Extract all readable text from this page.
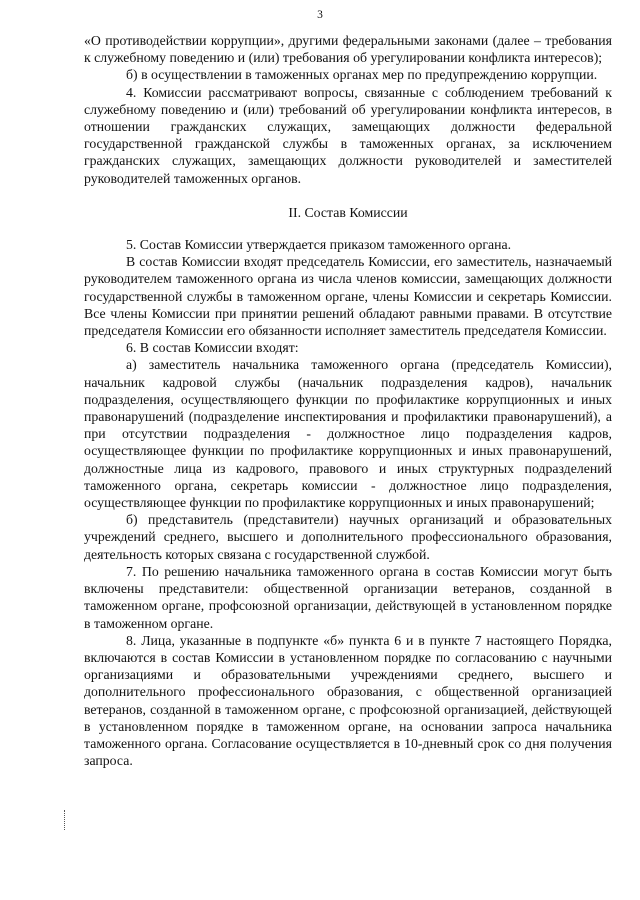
3

«О противодействии коррупции», другими федеральными законами (далее – требования к служебному поведению и (или) требования об урегулировании конфликта интересов);

б) в осуществлении в таможенных органах мер по предупреждению коррупции.

4. Комиссии рассматривают вопросы, связанные с соблюдением требований к служебному поведению и (или) требований об урегулировании конфликта интересов, в отношении гражданских служащих, замещающих должности федеральной государственной гражданской службы в таможенных органах, за исключением гражданских служащих, замещающих должности руководителей и заместителей руководителей таможенных органов.

II. Состав Комиссии

5. Состав Комиссии утверждается приказом таможенного органа.

В состав Комиссии входят председатель Комиссии, его заместитель, назначаемый руководителем таможенного органа из числа членов комиссии, замещающих должности государственной службы в таможенном органе, члены Комиссии и секретарь Комиссии. Все члены Комиссии при принятии решений обладают равными правами. В отсутствие председателя Комиссии его обязанности исполняет заместитель председателя Комиссии.

6. В состав Комиссии входят:

а) заместитель начальника таможенного органа (председатель Комиссии), начальник кадровой службы (начальник подразделения кадров), начальник подразделения, осуществляющего функции по профилактике коррупционных и иных правонарушений (подразделение инспектирования и профилактики правонарушений), а при отсутствии подразделения - должностное лицо подразделения кадров, осуществляющее функции по профилактике коррупционных и иных правонарушений, должностные лица из кадрового, правового и иных структурных подразделений таможенного органа, секретарь комиссии - должностное лицо подразделения, осуществляющее функции по профилактике коррупционных и иных правонарушений;

б) представитель (представители) научных организаций и образовательных учреждений среднего, высшего и дополнительного профессионального образования, деятельность которых связана с государственной службой.

7. По решению начальника таможенного органа в состав Комиссии могут быть включены представители: общественной организации ветеранов, созданной в таможенном органе, профсоюзной организации, действующей в установленном порядке в таможенном органе.

8. Лица, указанные в подпункте «б» пункта 6 и в пункте 7 настоящего Порядка, включаются в состав Комиссии в установленном порядке по согласованию с научными организациями и образовательными учреждениями среднего, высшего и дополнительного профессионального образования, с общественной организацией ветеранов, созданной в таможенном органе, с профсоюзной организацией, действующей в установленном порядке в таможенном органе, на основании запроса начальника таможенного органа. Согласование осуществляется в 10-дневный срок со дня получения запроса.
